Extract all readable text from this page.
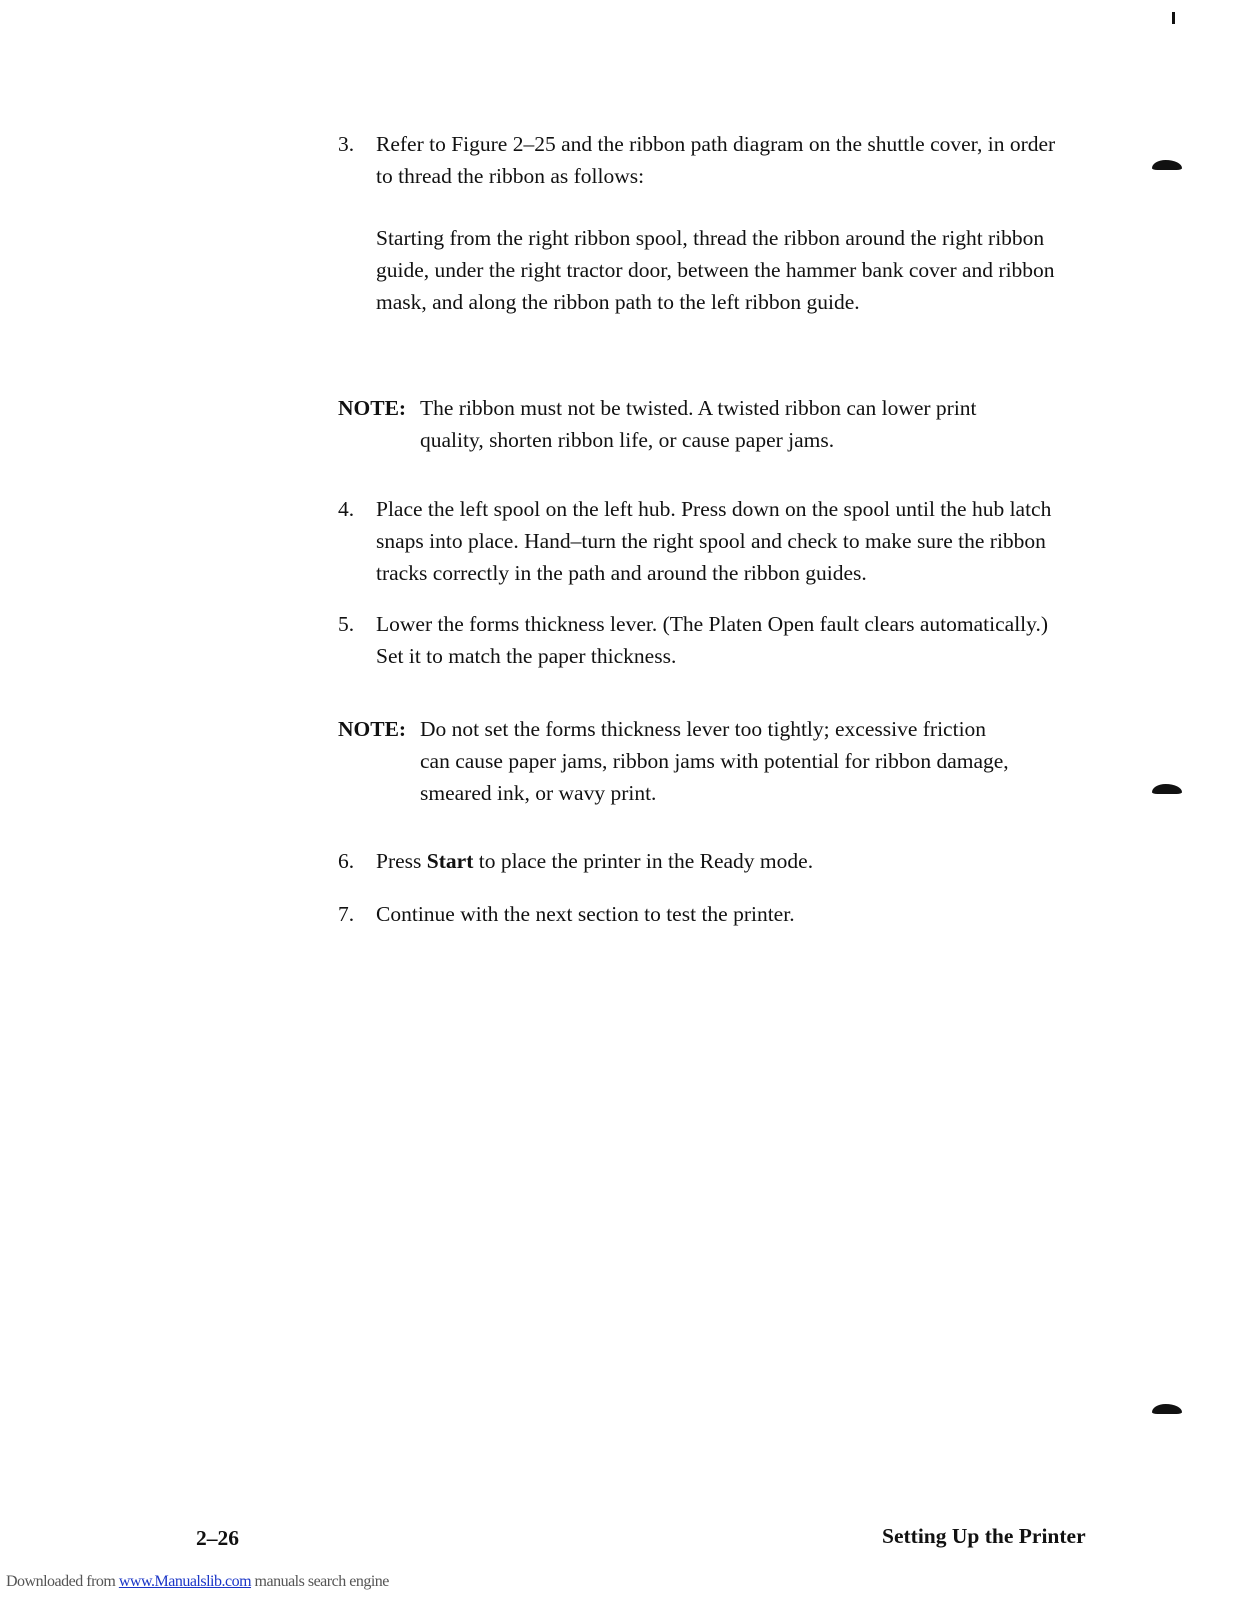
3. Refer to Figure 2–25 and the ribbon path diagram on the shuttle cover, in order to thread the ribbon as follows:
Starting from the right ribbon spool, thread the ribbon around the right ribbon guide, under the right tractor door, between the hammer bank cover and ribbon mask, and along the ribbon path to the left ribbon guide.
NOTE: The ribbon must not be twisted. A twisted ribbon can lower print
quality, shorten ribbon life, or cause paper jams.
4. Place the left spool on the left hub. Press down on the spool until the hub latch snaps into place. Hand–turn the right spool and check to make sure the ribbon tracks correctly in the path and around the ribbon guides.
5. Lower the forms thickness lever. (The Platen Open fault clears automatically.) Set it to match the paper thickness.
NOTE: Do not set the forms thickness lever too tightly; excessive friction
can cause paper jams, ribbon jams with potential for ribbon damage, smeared ink, or wavy print.
6. Press Start to place the printer in the Ready mode.
7. Continue with the next section to test the printer.
2–26	Setting Up the Printer
Downloaded from www.Manualslib.com manuals search engine
